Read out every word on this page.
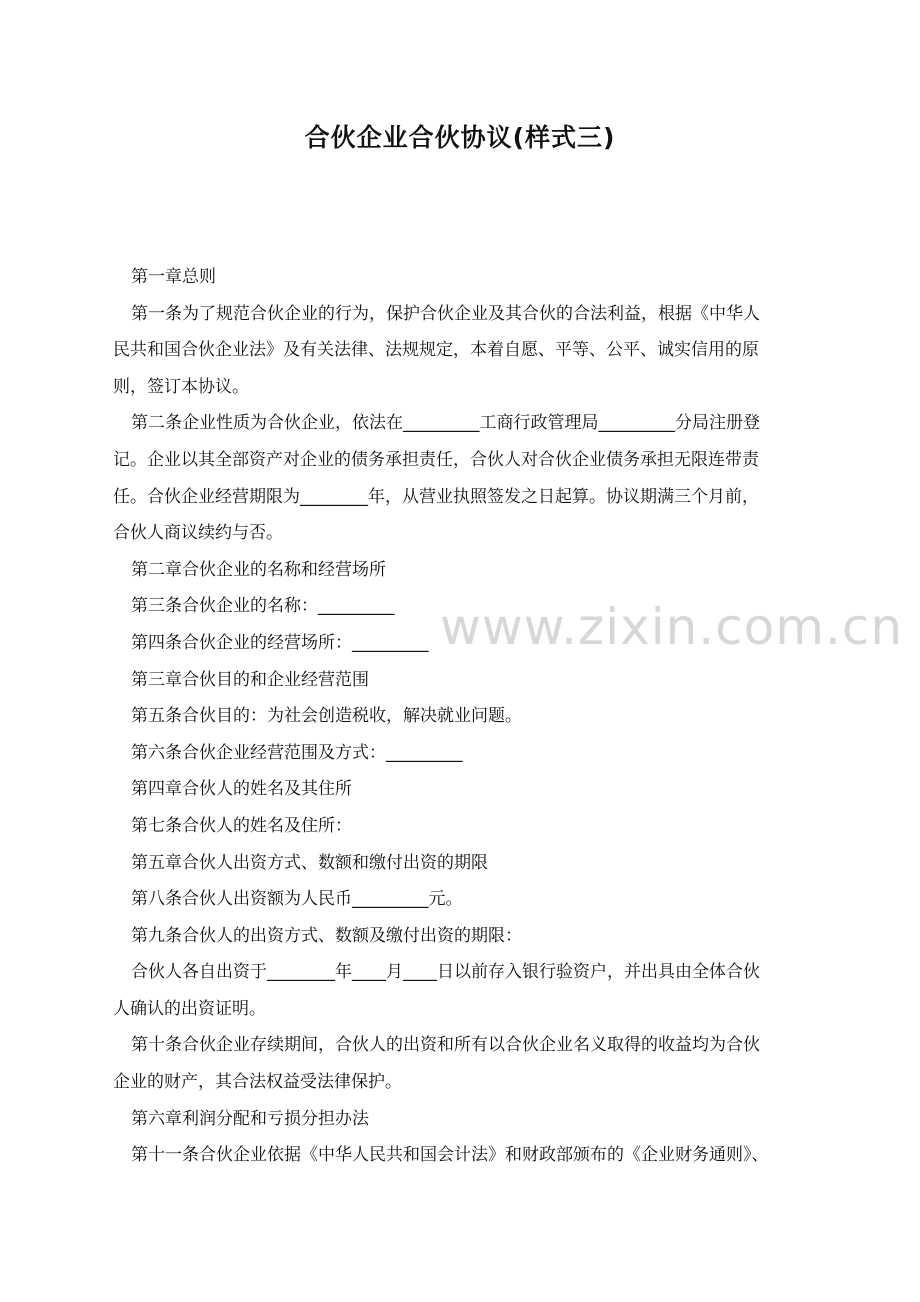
合伙企业合伙协议(样式三)
第一章总则
第一条为了规范合伙企业的行为，保护合伙企业及其合伙的合法利益，根据《中华人
民共和国合伙企业法》及有关法律、法规规定，本着自愿、平等、公平、诚实信用的原
则，签订本协议。
第二条企业性质为合伙企业，依法在_________工商行政管理局_________分局注册登
记。企业以其全部资产对企业的债务承担责任，合伙人对合伙企业债务承担无限连带责
任。合伙企业经营期限为________年，从营业执照签发之日起算。协议期满三个月前，
合伙人商议续约与否。
第二章合伙企业的名称和经营场所
第三条合伙企业的名称：_________
第四条合伙企业的经营场所：_________
第三章合伙目的和企业经营范围
第五条合伙目的：为社会创造税收，解决就业问题。
第六条合伙企业经营范围及方式：_________
第四章合伙人的姓名及其住所
第七条合伙人的姓名及住所：
第五章合伙人出资方式、数额和缴付出资的期限
第八条合伙人出资额为人民币_________元。
第九条合伙人的出资方式、数额及缴付出资的期限：
合伙人各自出资于________年____月____日以前存入银行验资户，并出具由全体合伙
人确认的出资证明。
第十条合伙企业存续期间，合伙人的出资和所有以合伙企业名义取得的收益均为合伙
企业的财产，其合法权益受法律保护。
第六章利润分配和亏损分担办法
第十一条合伙企业依据《中华人民共和国会计法》和财政部颁布的《企业财务通则》、
www.zixin.com.cn
